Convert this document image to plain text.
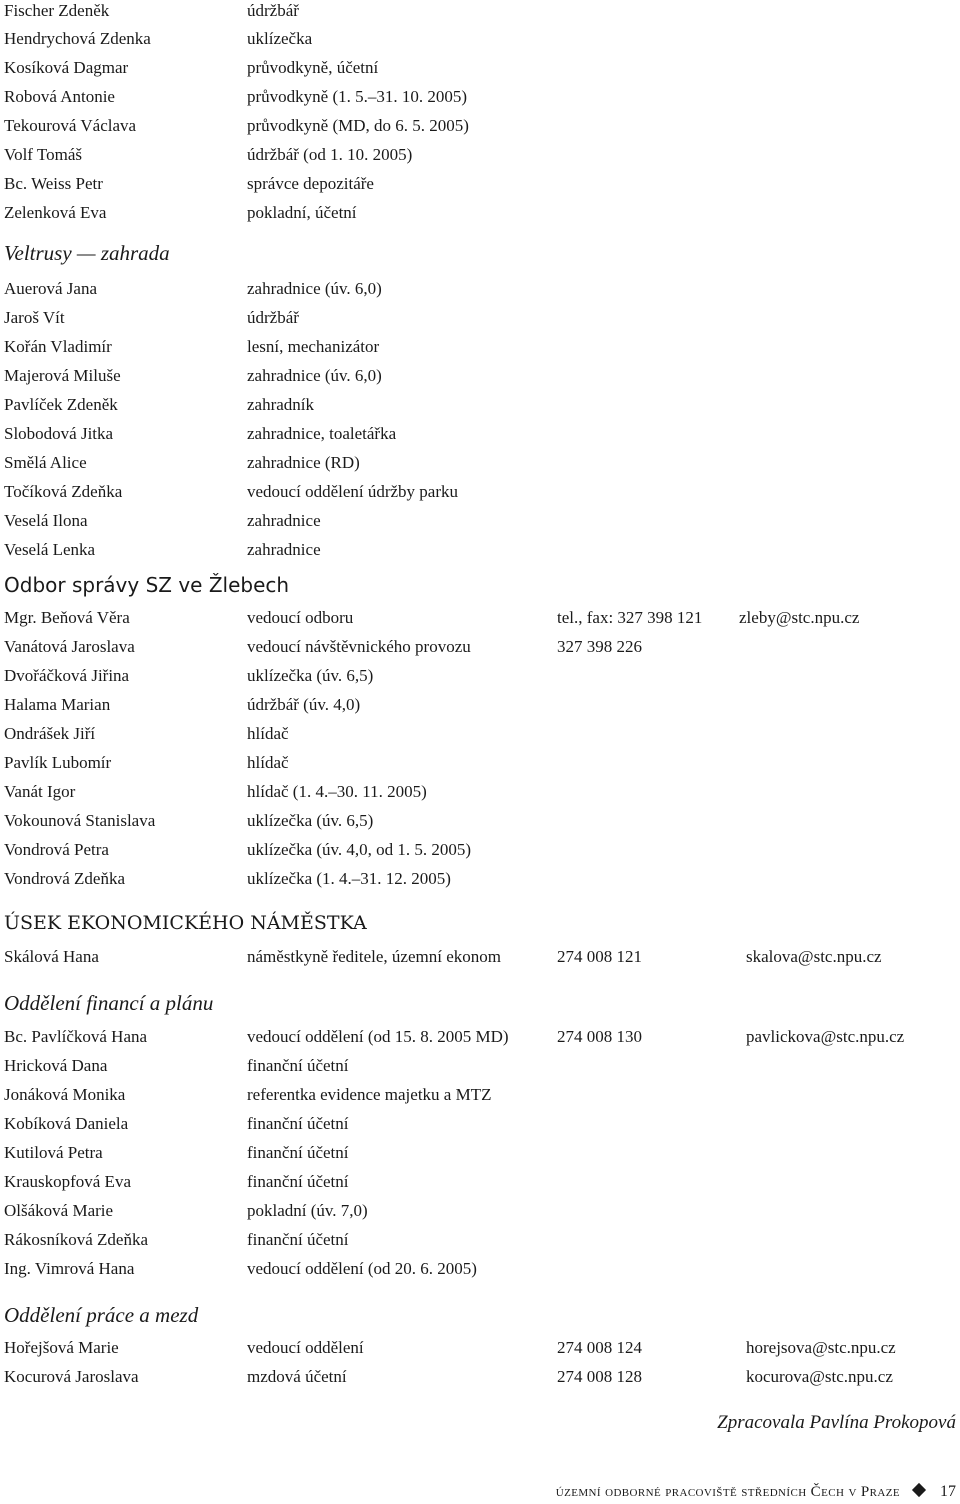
Fischer Zdeněk	údržbář
Hendrychová Zdenka	uklízečka
Kosíková Dagmar	průvodkyně, účetní
Robová Antonie	průvodkyně (1. 5.–31. 10. 2005)
Tekourová Václava	průvodkyně (MD, do 6. 5. 2005)
Volf Tomáš	údržbář (od 1. 10. 2005)
Bc. Weiss Petr	správce depozitáře
Zelenková Eva	pokladní, účetní
Veltrusy — zahrada
Auerová Jana	zahradnice (úv. 6,0)
Jaroš Vít	údržbář
Kořán Vladimír	lesní, mechanizátor
Majerová Miluše	zahradnice (úv. 6,0)
Pavlíček Zdeněk	zahradník
Slobodová Jitka	zahradnice, toaletářka
Smělá Alice	zahradnice (RD)
Točíková Zdeňka	vedoucí oddělení údržby parku
Veselá Ilona	zahradnice
Veselá Lenka	zahradnice
Odbor správy SZ ve Žlebech
Mgr. Beňová Věra	vedoucí odboru	tel., fax: 327 398 121 zleby@stc.npu.cz
Vanátová Jaroslava	vedoucí návštěvnického provozu	327 398 226
Dvořáčková Jiřina	uklízečka (úv. 6,5)
Halama Marian	údržbář (úv. 4,0)
Ondrášek Jiří	hlídač
Pavlík Lubomír	hlídač
Vanát Igor	hlídač (1. 4.–30. 11. 2005)
Vokounová Stanislava	uklízečka (úv. 6,5)
Vondrová Petra	uklízečka (úv. 4,0, od 1. 5. 2005)
Vondrová Zdeňka	uklízečka (1. 4.–31. 12. 2005)
ÚSEK EKONOMICKÉHO NÁMĚSTKA
Skálová Hana	náměstkyně ředitele, územní ekonom	274 008 121	skalova@stc.npu.cz
Oddělení financí a plánu
Bc. Pavlíčková Hana	vedoucí oddělení (od 15. 8. 2005 MD)	274 008 130	pavlickova@stc.npu.cz
Hricková Dana	finanční účetní
Jonáková Monika	referentka evidence majetku a MTZ
Kobíková Daniela	finanční účetní
Kutilová Petra	finanční účetní
Krauskopfová Eva	finanční účetní
Olšáková Marie	pokladní (úv. 7,0)
Rákosníková Zdeňka	finanční účetní
Ing. Vimrová Hana	vedoucí oddělení (od 20. 6. 2005)
Oddělení práce a mezd
Hořejšová Marie	vedoucí oddělení	274 008 124	horejsova@stc.npu.cz
Kocurová Jaroslava	mzdová účetní	274 008 128	kocurova@stc.npu.cz
Zpracovala Pavlína Prokopová
územní odborné pracoviště středních Čech v Praze	17
